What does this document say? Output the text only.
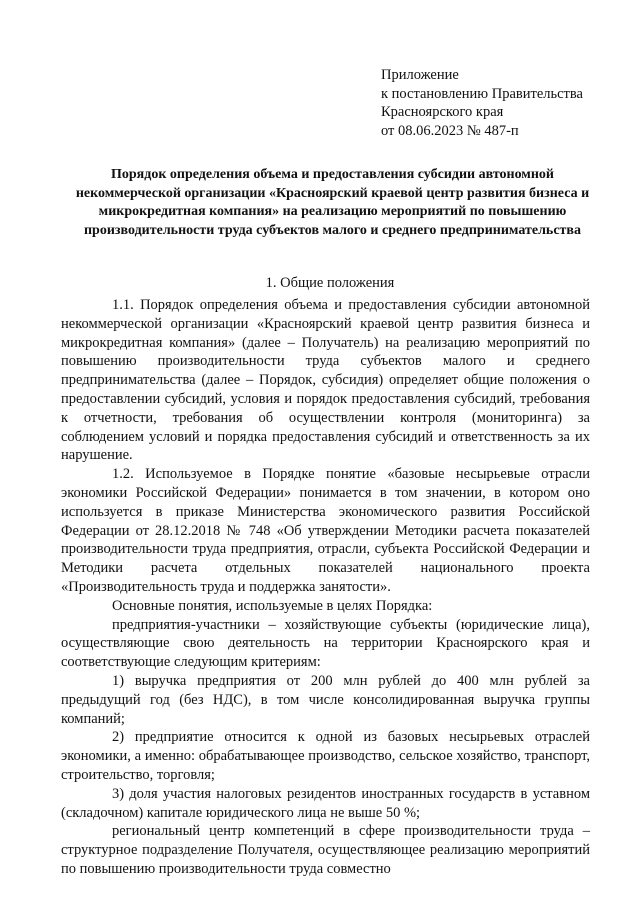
Приложение
к постановлению Правительства
Красноярского края
от 08.06.2023 № 487-п
Порядок определения объема и предоставления субсидии автономной некоммерческой организации «Красноярский краевой центр развития бизнеса и микрокредитная компания» на реализацию мероприятий по повышению производительности труда субъектов малого и среднего предпринимательства
1. Общие положения

1.1. Порядок определения объема и предоставления субсидии автономной некоммерческой организации «Красноярский краевой центр развития бизнеса и микрокредитная компания» (далее – Получатель) на реализацию мероприятий по повышению производительности труда субъектов малого и среднего предпринимательства (далее – Порядок, субсидия) определяет общие положения о предоставлении субсидий, условия и порядок предоставления субсидий, требования к отчетности, требования об осуществлении контроля (мониторинга) за соблюдением условий и порядка предоставления субсидий и ответственность за их нарушение.

1.2. Используемое в Порядке понятие «базовые несырьевые отрасли экономики Российской Федерации» понимается в том значении, в котором оно используется в приказе Министерства экономического развития Российской Федерации от 28.12.2018 № 748 «Об утверждении Методики расчета показателей производительности труда предприятия, отрасли, субъекта Российской Федерации и Методики расчета отдельных показателей национального проекта «Производительность труда и поддержка занятости».

Основные понятия, используемые в целях Порядка:

предприятия-участники – хозяйствующие субъекты (юридические лица), осуществляющие свою деятельность на территории Красноярского края и соответствующие следующим критериям:

1) выручка предприятия от 200 млн рублей до 400 млн рублей за предыдущий год (без НДС), в том числе консолидированная выручка группы компаний;

2) предприятие относится к одной из базовых несырьевых отраслей экономики, а именно: обрабатывающее производство, сельское хозяйство, транспорт, строительство, торговля;

3) доля участия налоговых резидентов иностранных государств в уставном (складочном) капитале юридического лица не выше 50 %;

региональный центр компетенций в сфере производительности труда – структурное подразделение Получателя, осуществляющее реализацию мероприятий по повышению производительности труда совместно
